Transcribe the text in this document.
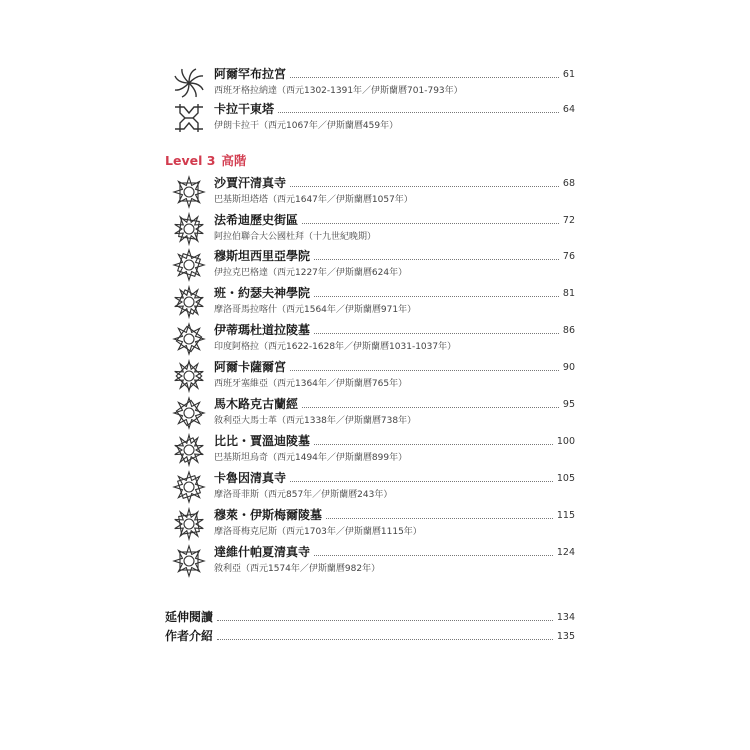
阿爾罕布拉宮	61
西班牙格拉納達（西元1302-1391年／伊斯蘭曆701-793年）
卡拉干東塔	64
伊朗卡拉干（西元1067年／伊斯蘭曆459年）
Level 3 高階
沙賈汗清真寺	68
巴基斯坦塔塔（西元1647年／伊斯蘭曆1057年）
法希迪歷史街區	72
阿拉伯聯合大公國杜拜（十九世紀晚期）
穆斯坦西里亞學院	76
伊拉克巴格達（西元1227年／伊斯蘭曆624年）
班・約瑟夫神學院	81
摩洛哥馬拉喀什（西元1564年／伊斯蘭曆971年）
伊蒂瑪杜道拉陵墓	86
印度阿格拉（西元1622-1628年／伊斯蘭曆1031-1037年）
阿爾卡薩爾宮	90
西班牙塞維亞（西元1364年／伊斯蘭曆765年）
馬木路克古蘭經	95
敘利亞大馬士革（西元1338年／伊斯蘭曆738年）
比比・賈溫迪陵墓	100
巴基斯坦烏奇（西元1494年／伊斯蘭曆899年）
卡魯因清真寺	105
摩洛哥菲斯（西元857年／伊斯蘭曆243年）
穆萊・伊斯梅爾陵墓	115
摩洛哥梅克尼斯（西元1703年／伊斯蘭曆1115年）
達維什帕夏清真寺	124
敘利亞（西元1574年／伊斯蘭曆982年）
延伸閱讀	134
作者介紹	135
